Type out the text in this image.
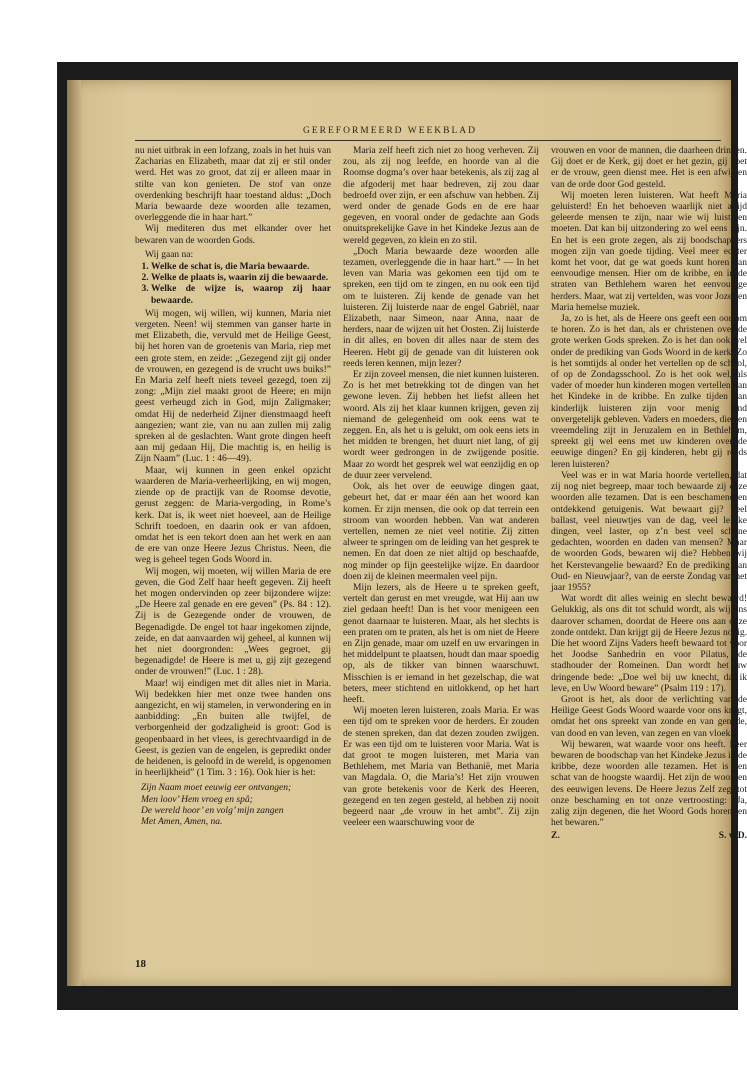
GEREFORMEERD WEEKBLAD

nu niet uitbrak in een lofzang, zoals in het huis van Zacharias en Elizabeth, maar dat zij er stil onder werd. Het was zo groot, dat zij er alleen maar in stilte van kon genieten. De stof van onze overdenking beschrijft haar toestand aldus: „Doch Maria bewaarde deze woorden alle tezamen, overleggende die in haar hart.”

Wij mediteren dus met elkander over het bewaren van de woorden Gods.

Wij gaan na:

1. Welke de schat is, die Maria bewaarde.
2. Welke de plaats is, waarin zij die bewaarde.
3. Welke de wijze is, waarop zij haar bewaarde.

Wij mogen, wij willen, wij kunnen, Maria niet vergeten. Neen! wij stemmen van ganser harte in met Elizabeth, die, vervuld met de Heilige Geest, bij het horen van de groetenis van Maria, riep met een grote stem, en zeide: „Gezegend zijt gij onder de vrouwen, en gezegend is de vrucht uws buiks!” En Maria zelf heeft niets teveel gezegd, toen zij zong: „Mijn ziel maakt groot de Heere; en mijn geest verheugd zich in God, mijn Zaligmaker; omdat Hij de nederheid Zijner dienstmaagd heeft aangezien; want zie, van nu aan zullen mij zalig spreken al de geslachten. Want grote dingen heeft aan mij gedaan Hij, Die machtig is, en heilig is Zijn Naam” (Luc. 1 : 46—49).

Maar, wij kunnen in geen enkel opzicht waarderen de Maria-verheerlijking, en wij mogen, ziende op de practijk van de Roomse devotie, gerust zeggen: de Maria-vergoding, in Rome’s kerk. Dat is, ik weet niet hoeveel, aan de Heilige Schrift toedoen, en daarin ook er van afdoen, omdat het is een tekort doen aan het werk en aan de ere van onze Heere Jezus Christus. Neen, die weg is geheel tegen Gods Woord in.

Wij mogen, wij moeten, wij willen Maria de ere geven, die God Zelf haar heeft gegeven. Zij heeft het mogen ondervinden op zeer bijzondere wijze: „De Heere zal genade en ere geven” (Ps. 84 : 12). Zij is de Gezegende onder de vrouwen, de Begenadigde. De engel tot haar ingekomen zijnde, zeide, en dat aanvaarden wij geheel, al kunnen wij het niet doorgronden: „Wees gegroet, gij begenadigde! de Heere is met u, gij zijt gezegend onder de vrouwen!” (Luc. 1 : 28).

Maar! wij eindigen met dit alles niet in Maria. Wij bedekken hier met onze twee handen ons aangezicht, en wij stamelen, in verwondering en in aanbidding: „En buiten alle twijfel, de verborgenheid der godzaligheid is groot: God is geopenbaard in het vlees, is gerechtvaardigd in de Geest, is gezien van de engelen, is gepredikt onder de heidenen, is geloofd in de wereld, is opgenomen in heerlijkheid” (1 Tim. 3 : 16). Ook hier is het:

Zijn Naam moet eeuwig eer ontvangen;
Men loov’ Hem vroeg en spâ;
De wereld hoor’ en volg’ mijn zangen
Met Amen, Amen, na.

Maria zelf heeft zich niet zo hoog verheven. Zij zou, als zij nog leefde, en hoorde van al die Roomse dogma’s over haar betekenis, als zij zag al die afgoderij met haar bedreven, zij zou daar bedroefd over zijn, er een afschuw van hebben. Zij werd onder de genade Gods en de ere haar gegeven, en vooral onder de gedachte aan Gods onuitsprekelijke Gave in het Kindeke Jezus aan de wereld gegeven, zo klein en zo stil.

„Doch Maria bewaarde deze woorden alle tezamen, overleggende die in haar hart.” — In het leven van Maria was gekomen een tijd om te spreken, een tijd om te zingen, en nu ook een tijd om te luisteren. Zij kende de genade van het luisteren. Zij luisterde naar de engel Gabriël, naar Elizabeth, naar Simeon, naar Anna, naar de herders, naar de wijzen uit het Oosten. Zij luisterde in dit alles, en boven dit alles naar de stem des Heeren. Hebt gij de genade van dit luisteren ook reeds leren kennen, mijn lezer?

Er zijn zoveel mensen, die niet kunnen luisteren. Zo is het met betrekking tot de dingen van het gewone leven. Zij hebben het liefst alleen het woord. Als zij het klaar kunnen krijgen, geven zij niemand de gelegenheid om ook eens wat te zeggen. En, als het u is gelukt, om ook eens iets in het midden te brengen, het duurt niet lang, of gij wordt weer gedrongen in de zwijgende positie. Maar zo wordt het gesprek wel wat eenzijdig en op de duur zeer vervelend.

Ook, als het over de eeuwige dingen gaat, gebeurt het, dat er maar één aan het woord kan komen. Er zijn mensen, die ook op dat terrein een stroom van woorden hebben. Van wat anderen vertellen, nemen ze niet veel notitie. Zij zitten alweer te springen om de leiding van het gesprek te nemen. En dat doen ze niet altijd op beschaafde, nog minder op fijn geestelijke wijze. En daardoor doen zij de kleinen meermalen veel pijn.

Mijn lezers, als de Heere u te spreken geeft, vertelt dan gerust en met vreugde, wat Hij aan uw ziel gedaan heeft! Dan is het voor menigeen een genot daarnaar te luisteren. Maar, als het slechts is een praten om te praten, als het is om niet de Heere en Zijn genade, maar om uzelf en uw ervaringen in het middelpunt te plaatsen, houdt dan maar spoedig op, als de tikker van binnen waarschuwt. Misschien is er iemand in het gezelschap, die wat beters, meer stichtend en uitlokkend, op het hart heeft.

Wij moeten leren luisteren, zoals Maria. Er was een tijd om te spreken voor de herders. Er zouden de stenen spreken, dan dat dezen zouden zwijgen. Er was een tijd om te luisteren voor Maria. Wat is dat groot te mogen luisteren, met Maria van Bethlehem, met Maria van Bethanië, met Maria van Magdala. O, die Maria’s! Het zijn vrouwen van grote betekenis voor de Kerk des Heeren, gezegend en ten zegen gesteld, al hebben zij nooit begeerd naar „de vrouw in het ambt”. Zij zijn veeleer een waarschuwing voor de

vrouwen en voor de mannen, die daarheen dringen. Gij doet er de Kerk, gij doet er het gezin, gij doet er de vrouw, geen dienst mee. Het is een afwijken van de orde door God gesteld.

Wij moeten leren luisteren. Wat heeft Maria geluisterd! En het behoeven waarlijk niet altijd geleerde mensen te zijn, naar wie wij luisteren moeten. Dat kan bij uitzondering zo wel eens zijn. En het is een grote zegen, als zij boodschappers mogen zijn van goede tijding. Veel meer echter komt het voor, dat ge wat goeds kunt horen van eenvoudige mensen. Hier om de kribbe, en in de straten van Bethlehem waren het eenvoudige herders. Maar, wat zij vertelden, was voor Jozef en Maria hemelse muziek.

Ja, zo is het, als de Heere ons geeft een oor om te horen. Zo is het dan, als er christenen over de grote werken Gods spreken. Zo is het dan ook wel onder de prediking van Gods Woord in de kerk. Zo is het somtijds al onder het vertellen op de school, of op de Zondagsschool. Zo is het ook wel, als vader of moeder hun kinderen mogen vertellen van het Kindeke in de kribbe. En zulke tijden van kinderlijk luisteren zijn voor menig kind onvergetelijk gebleven. Vaders en moeders, die een vreemdeling zijt in Jeruzalem en in Bethlehem, spreekt gij wel eens met uw kinderen over de eeuwige dingen? En gij kinderen, hebt gij reeds leren luisteren?

Veel was er in wat Maria hoorde vertellen, dat zij nog niet begreep, maar toch bewaarde zij deze woorden alle tezamen. Dat is een beschamend en ontdekkend getuigenis. Wat bewaart gij? Veel ballast, veel nieuwtjes van de dag, veel lelijke dingen, veel laster, op z’n best veel schone gedachten, woorden en daden van mensen? Maar de woorden Gods, bewaren wij die? Hebben wij het Kerstevangelie bewaard? En de prediking van Oud- en Nieuwjaar?, van de eerste Zondag van het jaar 1955?

Wat wordt dit alles weinig en slecht bewaard! Gelukkig, als ons dit tot schuld wordt, als wij ons daarover schamen, doordat de Heere ons aan onze zonde ontdekt. Dan krijgt gij de Heere Jezus nodig. Die het woord Zijns Vaders heeft bewaard tot voor het Joodse Sanhedrin en voor Pilatus, de stadhouder der Romeinen. Dan wordt het uw dringende bede: „Doe wel bij uw knecht, dat ik leve, en Uw Woord beware” (Psalm 119 : 17).

Groot is het, als door de verlichting van de Heilige Geest Gods Woord waarde voor ons krijgt, omdat het ons spreekt van zonde en van genade, van dood en van leven, van zegen en van vloek.

Wij bewaren, wat waarde voor ons heeft. Leer bewaren de boodschap van het Kindeke Jezus in de kribbe, deze woorden alle tezamen. Het is een schat van de hoogste waardij. Het zijn de woorden des eeuwigen levens. De Heere Jezus Zelf zegt tot onze beschaming en tot onze vertroosting: „Ja, zalig zijn degenen, die het Woord Gods horen, en het bewaren.”

Z.	S. v. D.
18
